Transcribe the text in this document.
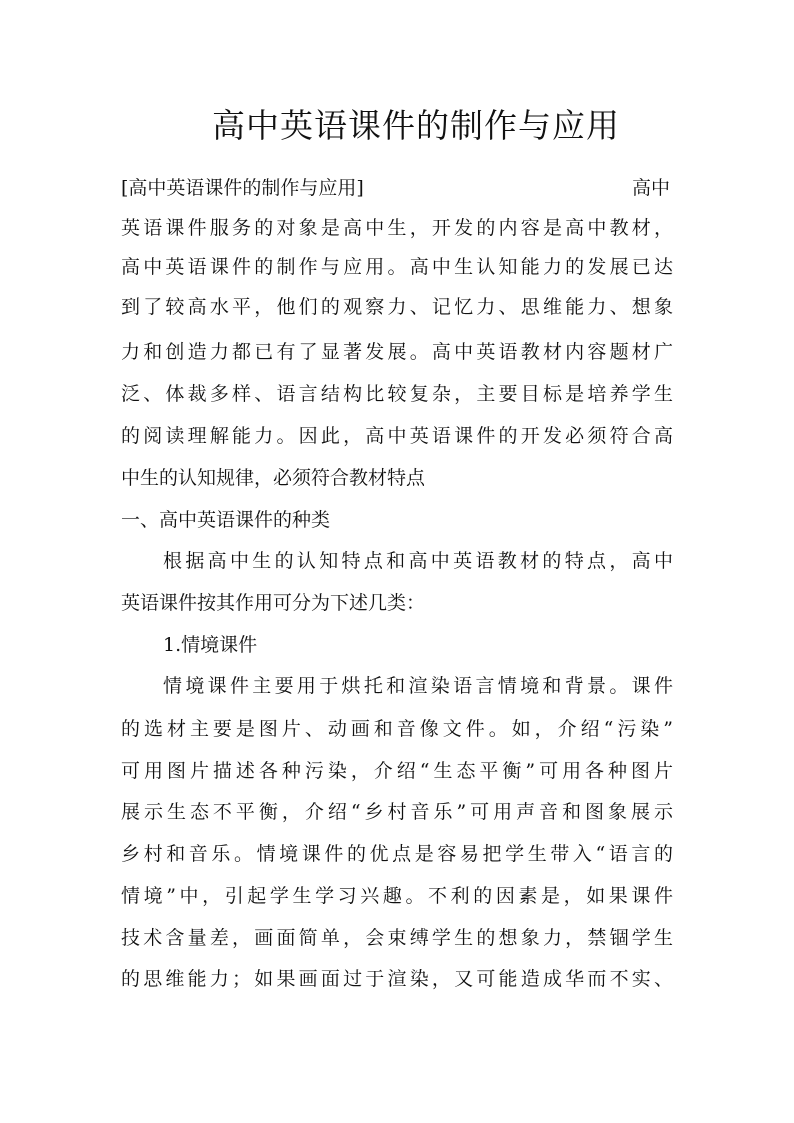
高中英语课件的制作与应用
[高中英语课件的制作与应用]	高中
英语课件服务的对象是高中生，开发的内容是高中教材，
高中英语课件的制作与应用。高中生认知能力的发展已达
到了较高水平，他们的观察力、记忆力、思维能力、想象
力和创造力都已有了显著发展。高中英语教材内容题材广
泛、体裁多样、语言结构比较复杂，主要目标是培养学生
的阅读理解能力。因此，高中英语课件的开发必须符合高
中生的认知规律，必须符合教材特点
一、高中英语课件的种类
根据高中生的认知特点和高中英语教材的特点，高中
英语课件按其作用可分为下述几类：
1.情境课件
情境课件主要用于烘托和渲染语言情境和背景。课件
的选材主要是图片、动画和音像文件。如，介绍“污染”
可用图片描述各种污染，介绍“生态平衡”可用各种图片
展示生态不平衡，介绍“乡村音乐”可用声音和图象展示
乡村和音乐。情境课件的优点是容易把学生带入“语言的
情境”中，引起学生学习兴趣。不利的因素是，如果课件
技术含量差，画面简单，会束缚学生的想象力，禁锢学生
的思维能力；如果画面过于渲染，又可能造成华而不实、
